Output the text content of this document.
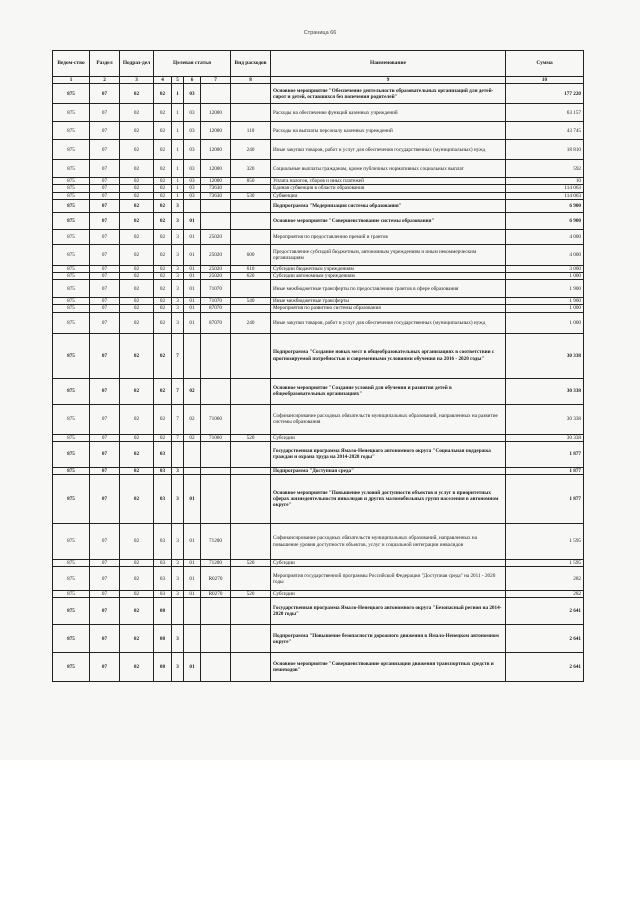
Страница 66
Ведом-ство	Раздел	Подраз-дел	Целевая статья				Вид расходов	Наименование	Сумма
1	2	3	4	5	6	7	8	9	10
875	07	02	02	1	03			Основное мероприятие "Обеспечение деятельности образовательных организаций для детей-сирот и детей, оставшихся без попечения родителей"	177 220
875	07	02	02	1	03	12000		Расходы на обеспечение функций казенных учреждений	63 157
875	07	02	02	1	03	12000	110	Расходы на выплаты персоналу казенных учреждений	43 745
875	07	02	02	1	03	12000	240	Иные закупки товаров, работ и услуг для обеспечения государственных (муниципальных) нужд	18 810
875	07	02	02	1	03	12000	320	Социальные выплаты гражданам, кроме публичных нормативных социальных выплат	592
875	07	02	02	1	03	12000	850	Уплата налогов, сборов и иных платежей	10
875	07	02	02	1	03	73630		Единая субвенция в области образования	114 063
875	07	02	02	1	03	73630	530	Субвенции	114 063
875	07	02	02	3				Подпрограмма "Модернизация системы образования"	6 900
875	07	02	02	3	01			Основное мероприятие "Совершенствование системы образования"	6 900
875	07	02	02	3	01	25020		Мероприятия по предоставлению премий и грантов	4 000
875	07	02	02	3	01	25020	600	Предоставление субсидий бюджетным, автономным учреждениям и иным некоммерческим организациям	4 000
875	07	02	02	3	01	25020	610	Субсидии бюджетным учреждениям	3 000
875	07	02	02	3	01	25020	620	Субсидии автономным учреждениям	1 000
875	07	02	02	3	01	71070		Иные межбюджетные трансферты по предоставлению грантов в сфере образования	1 900
875	07	02	02	3	01	71070	540	Иные межбюджетные трансферты	1 900
875	07	02	02	3	01	87070		Мероприятия по развитию системы образования	1 000
875	07	02	02	3	01	87070	240	Иные закупки товаров, работ и услуг для обеспечения государственных (муниципальных) нужд	1 000
875	07	02	02	7				Подпрограмма "Создание новых мест в общеобразовательных организациях в соответствии с прогнозируемой потребностью и современными условиями обучения на 2016 - 2020 годы"	30 338
875	07	02	02	7	02			Основное мероприятие "Создание условий для обучения и развития детей в общеобразовательных организациях"	30 338
875	07	02	02	7	02	71060		Софинансирование расходных обязательств муниципальных образований, направленных на развитие системы образования	30 338
875	07	02	02	7	02	71060	520	Субсидии	30 338
875	07	02	03					Государственная программа Ямало-Ненецкого автономного округа "Социальная поддержка граждан и охрана труда на 2014-2020 годы"	1 877
875	07	02	03	3				Подпрограмма "Доступная среда"	1 877
875	07	02	03	3	01			Основное мероприятие "Повышение условий доступности объектов и услуг в приоритетных сферах жизнедеятельности инвалидов и других маломобильных групп населения в автономном округе"	1 877
875	07	02	03	3	01	71200		Софинансирование расходных обязательств муниципальных образований, направленных на повышение уровня доступности объектов, услуг и социальной интеграции инвалидов	1 595
875	07	02	03	3	01	71200	520	Субсидии	1 595
875	07	02	03	3	01	R0270		Мероприятия государственной программы Российской Федерации "Доступная среда" на 2011 - 2020 годы	282
875	07	02	03	3	01	R0270	520	Субсидии	282
875	07	02	08					Государственная программа Ямало-Ненецкого автономного округа "Безопасный регион на 2014-2020 годы"	2 641
875	07	02	08	3				Подпрограмма "Повышение безопасности дорожного движения в Ямало-Ненецком автономном округе"	2 641
875	07	02	08	3	01			Основное мероприятие "Совершенствование организации движения транспортных средств и пешеходов"	2 641
